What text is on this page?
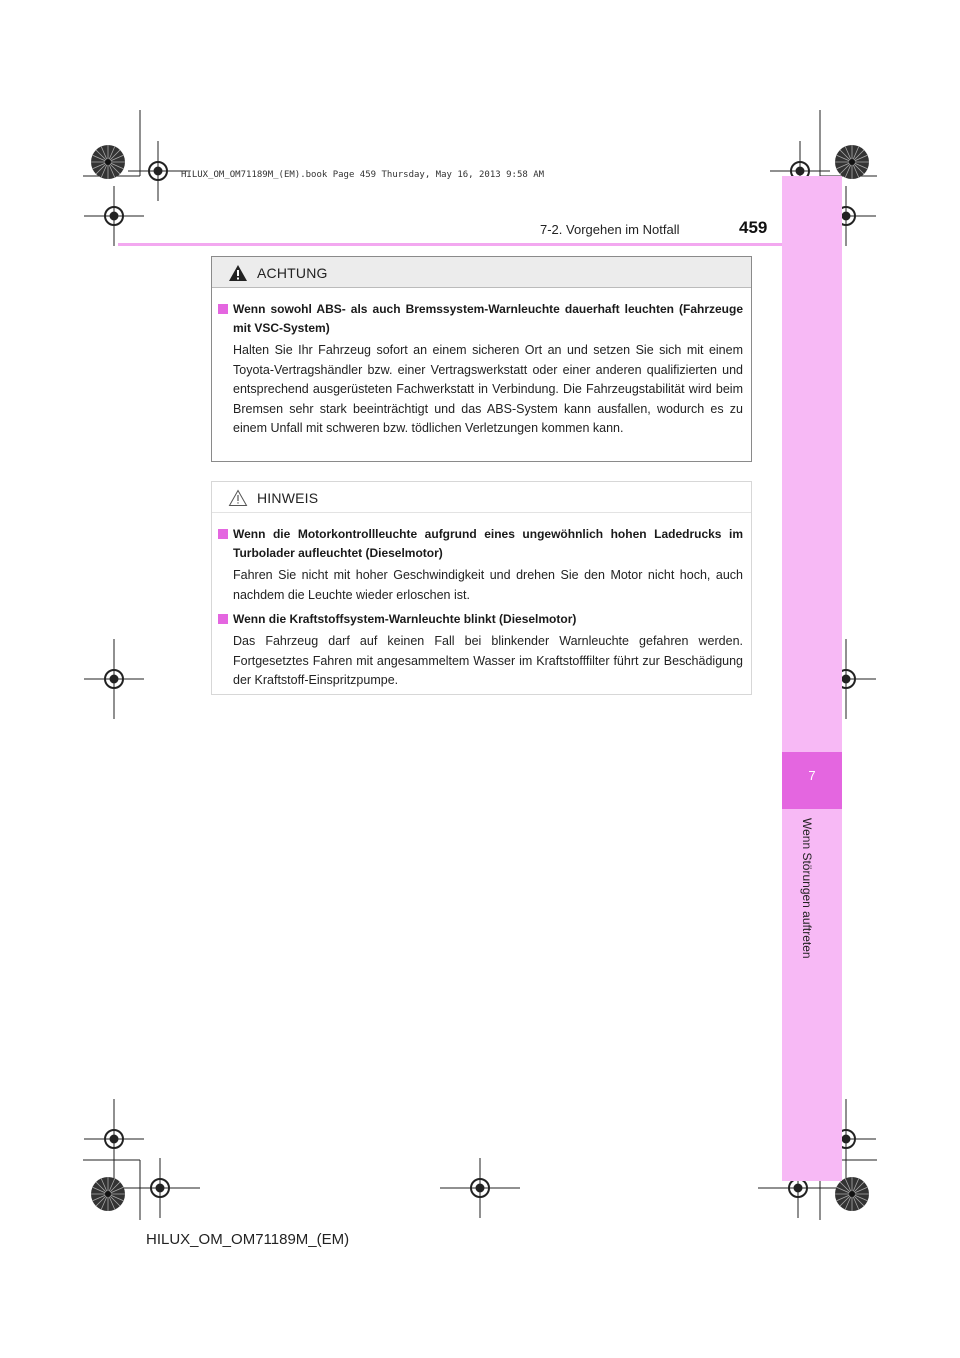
7
Wenn Störungen auftreten
HILUX_OM_OM71189M_(EM).book Page 459 Thursday, May 16, 2013 9:58 AM
7-2. Vorgehen im Notfall	459
ACHTUNG
Wenn sowohl ABS- als auch Bremssystem-Warnleuchte dauerhaft leuchten (Fahrzeuge mit VSC-System)
Halten Sie Ihr Fahrzeug sofort an einem sicheren Ort an und setzen Sie sich mit einem Toyota-Vertragshändler bzw. einer Vertragswerkstatt oder einer anderen qualifizierten und entsprechend ausgerüsteten Fachwerkstatt in Verbindung. Die Fahrzeugstabilität wird beim Bremsen sehr stark beeinträchtigt und das ABS-System kann ausfallen, wodurch es zu einem Unfall mit schweren bzw. tödlichen Verletzungen kommen kann.
HINWEIS
Wenn die Motorkontrollleuchte aufgrund eines ungewöhnlich hohen Ladedrucks im Turbolader aufleuchtet (Dieselmotor)
Fahren Sie nicht mit hoher Geschwindigkeit und drehen Sie den Motor nicht hoch, auch nachdem die Leuchte wieder erloschen ist.
Wenn die Kraftstoffsystem-Warnleuchte blinkt (Dieselmotor)
Das Fahrzeug darf auf keinen Fall bei blinkender Warnleuchte gefahren werden. Fortgesetztes Fahren mit angesammeltem Wasser im Kraftstofffilter führt zur Beschädigung der Kraftstoff-Einspritzpumpe.
HILUX_OM_OM71189M_(EM)
